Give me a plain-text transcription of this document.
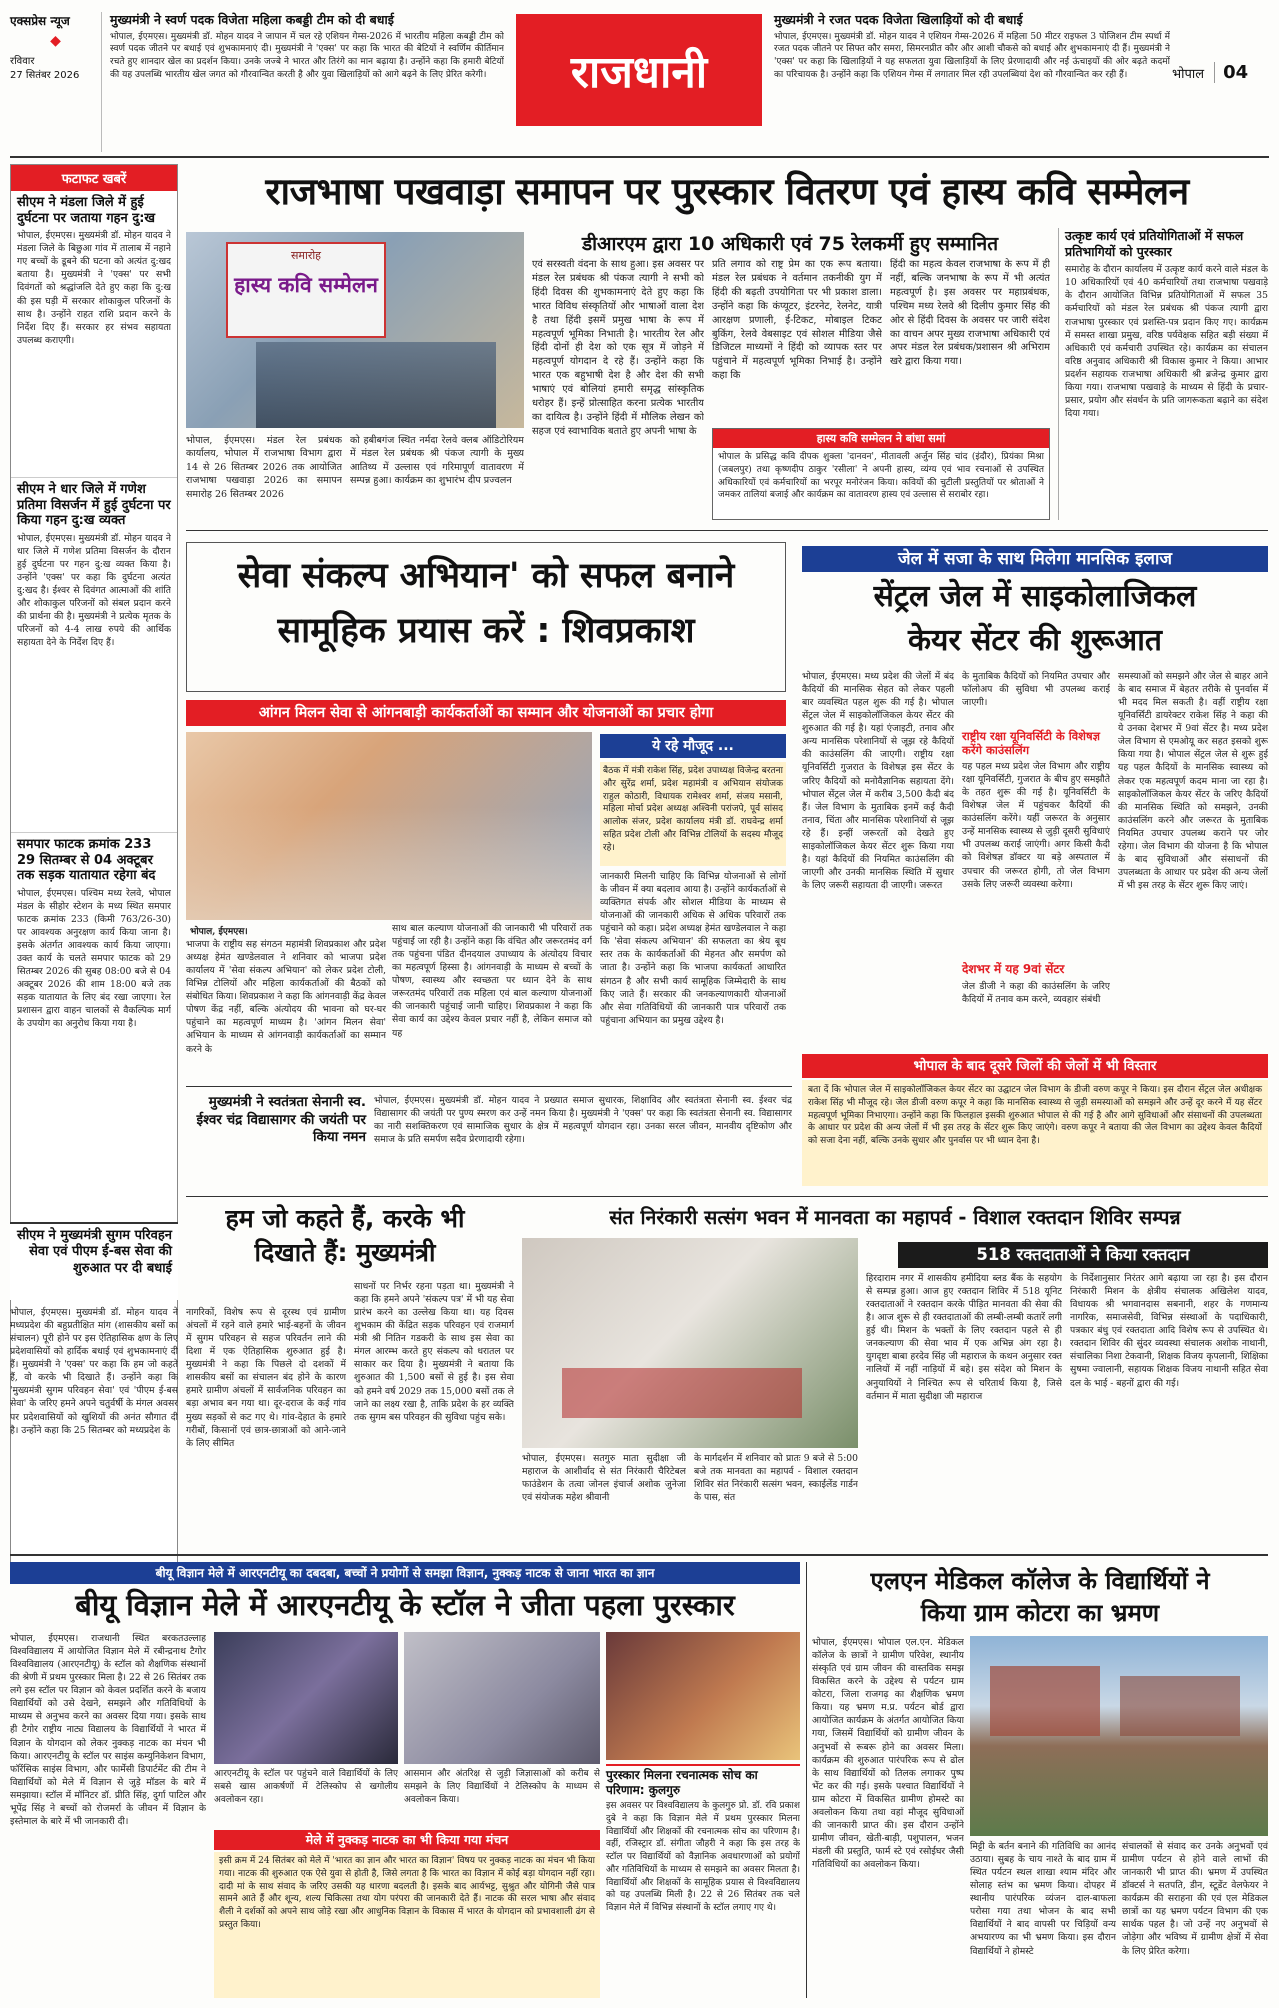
एक्सप्रेस न्यूज
◆
रविवार
27 सितंबर 2026
मुख्यमंत्री ने स्वर्ण पदक विजेता महिला कबड्डी टीम को दी बधाई

भोपाल, ईएमएस। मुख्यमंत्री डॉ. मोहन यादव ने जापान में चल रहे एशियन गेम्स-2026 में भारतीय महिला कबड्डी टीम को स्वर्ण पदक जीतने पर बधाई एवं शुभकामनाएं दी। मुख्यमंत्री ने 'एक्स' पर कहा कि भारत की बेटियों ने स्वर्णिम कीर्तिमान रचते हुए शानदार खेल का प्रदर्शन किया। उनके जज्बे ने भारत और तिरंगे का मान बढ़ाया है। उन्होंने कहा कि हमारी बेटियों की यह उपलब्धि भारतीय खेल जगत को गौरवान्वित करती है और युवा खिलाड़ियों को आगे बढ़ने के लिए प्रेरित करेगी।	राजधानी
मुख्यमंत्री ने रजत पदक विजेता खिलाड़ियों को दी बधाई

भोपाल, ईएमएस। मुख्यमंत्री डॉ. मोहन यादव ने एशियन गेम्स-2026 में महिला 50 मीटर राइफल 3 पोजिशन टीम स्पर्धा में रजत पदक जीतने पर सिफ्त कौर समरा, सिमरनप्रीत कौर और आशी चौकसे को बधाई और शुभकामनाएं दी हैं। मुख्यमंत्री ने 'एक्स' पर कहा कि खिलाड़ियों ने यह सफलता युवा खिलाड़ियों के लिए प्रेरणादायी और नई ऊंचाइयों की ओर बढ़ते कदमों का परिचायक है। उन्होंने कहा कि एशियन गेम्स में लगातार मिल रही उपलब्धियां देश को गौरवान्वित कर रही हैं।	भोपाल	04
फटाफट खबरें
सीएम ने मंडला जिले में हुई दुर्घटना पर जताया गहन दु:ख

भोपाल, ईएमएस। मुख्यमंत्री डॉ. मोहन यादव ने मंडला जिले के बिछुआ गांव में तालाब में नहाने गए बच्चों के डूबने की घटना को अत्यंत दु:खद बताया है। मुख्यमंत्री ने 'एक्स' पर सभी दिवंगतों को श्रद्धांजलि देते हुए कहा कि दु:ख की इस घड़ी में सरकार शोकाकुल परिजनों के साथ है। उन्होंने राहत राशि प्रदान करने के निर्देश दिए हैं। सरकार हर संभव सहायता उपलब्ध कराएगी।

सीएम ने धार जिले में गणेश प्रतिमा विसर्जन में हुई दुर्घटना पर किया गहन दु:ख व्यक्त

भोपाल, ईएमएस। मुख्यमंत्री डॉ. मोहन यादव ने धार जिले में गणेश प्रतिमा विसर्जन के दौरान हुई दुर्घटना पर गहन दु:ख व्यक्त किया है। उन्होंने 'एक्स' पर कहा कि दुर्घटना अत्यंत दु:खद है। ईश्वर से दिवंगत आत्माओं की शांति और शोकाकुल परिजनों को संबल प्रदान करने की प्रार्थना की है। मुख्यमंत्री ने प्रत्येक मृतक के परिजनों को 4-4 लाख रुपये की आर्थिक सहायता देने के निर्देश दिए हैं।

समपार फाटक क्रमांक 233 29 सितम्बर से 04 अक्टूबर तक सड़क यातायात रहेगा बंद

भोपाल, ईएमएस। पश्चिम मध्य रेलवे, भोपाल मंडल के सीहोर स्टेशन के मध्य स्थित समपार फाटक क्रमांक 233 (किमी 763/26-30) पर आवश्यक अनुरक्षण कार्य किया जाना है। इसके अंतर्गत आवश्यक कार्य किया जाएगा। उक्त कार्य के चलते समपार फाटक को 29 सितम्बर 2026 की सुबह 08:00 बजे से 04 अक्टूबर 2026 की शाम 18:00 बजे तक सड़क यातायात के लिए बंद रखा जाएगा। रेल प्रशासन द्वारा वाहन चालकों से वैकल्पिक मार्ग के उपयोग का अनुरोध किया गया है।

सीएम ने मुख्यमंत्री सुगम परिवहन सेवा एवं पीएम ई-बस सेवा की शुरुआत पर दी बधाई
राजभाषा पखवाड़ा समापन पर पुरस्कार वितरण एवं हास्य कवि सम्मेलन
डीआरएम द्वारा 10 अधिकारी एवं 75 रेलकर्मी हुए सम्मानित
समारोह
हास्य कवि सम्मेलन

भोपाल, ईएमएस। मंडल रेल प्रबंधक कार्यालय, भोपाल में राजभाषा विभाग द्वारा 14 से 26 सितम्बर 2026 तक आयोजित राजभाषा पखवाड़ा 2026 का समापन समारोह 26 सितम्बर 2026

को हबीबगंज स्थित नर्मदा रेलवे क्लब ऑडिटोरियम में मंडल रेल प्रबंधक श्री पंकज त्यागी के मुख्य आतिथ्य में उल्लास एवं गरिमापूर्ण वातावरण में सम्पन्न हुआ। कार्यक्रम का शुभारंभ दीप प्रज्वलन

एवं सरस्वती वंदना के साथ हुआ। इस अवसर पर मंडल रेल प्रबंधक श्री पंकज त्यागी ने सभी को हिंदी दिवस की शुभकामनाएं देते हुए कहा कि भारत विविध संस्कृतियों और भाषाओं वाला देश है तथा हिंदी इसमें प्रमुख भाषा के रूप में महत्वपूर्ण भूमिका निभाती है। भारतीय रेल और हिंदी दोनों ही देश को एक सूत्र में जोड़ने में महत्वपूर्ण योगदान दे रहे हैं। उन्होंने कहा कि भारत एक बहुभाषी देश है और देश की सभी भाषाएं एवं बोलियां हमारी समृद्ध सांस्कृतिक धरोहर हैं। इन्हें प्रोत्साहित करना प्रत्येक भारतीय का दायित्व है। उन्होंने हिंदी में मौलिक लेखन को सहज एवं स्वाभाविक बताते हुए अपनी भाषा के

प्रति लगाव को राष्ट्र प्रेम का एक रूप बताया। मंडल रेल प्रबंधक ने वर्तमान तकनीकी युग में हिंदी की बढ़ती उपयोगिता पर भी प्रकाश डाला। उन्होंने कहा कि कंप्यूटर, इंटरनेट, रेलनेट, यात्री आरक्षण प्रणाली, ई-टिकट, मोबाइल टिकट बुकिंग, रेलवे वेबसाइट एवं सोशल मीडिया जैसे डिजिटल माध्यमों ने हिंदी को व्यापक स्तर पर पहुंचाने में महत्वपूर्ण भूमिका निभाई है। उन्होंने कहा कि

हिंदी का महत्व केवल राजभाषा के रूप में ही नहीं, बल्कि जनभाषा के रूप में भी अत्यंत महत्वपूर्ण है। इस अवसर पर महाप्रबंधक, पश्चिम मध्य रेलवे श्री दिलीप कुमार सिंह की ओर से हिंदी दिवस के अवसर पर जारी संदेश का वाचन अपर मुख्य राजभाषा अधिकारी एवं अपर मंडल रेल प्रबंधक/प्रशासन श्री अभिराम खरे द्वारा किया गया।

हास्य कवि सम्मेलन ने बांधा समां

भोपाल के प्रसिद्ध कवि दीपक शुक्ला 'दानवन', मीतावली अर्जुन सिंह चांद (इंदौर), प्रियंका मिश्रा (जबलपुर) तथा कृष्णदीप ठाकुर 'रसीला' ने अपनी हास्य, व्यंग्य एवं भाव रचनाओं से उपस्थित अधिकारियों एवं कर्मचारियों का भरपूर मनोरंजन किया। कवियों की चुटीली प्रस्तुतियों पर श्रोताओं ने जमकर तालियां बजाई और कार्यक्रम का वातावरण हास्य एवं उल्लास से सराबोर रहा।

उत्कृष्ट कार्य एवं प्रतियोगिताओं में सफल प्रतिभागियों को पुरस्कार

समारोह के दौरान कार्यालय में उत्कृष्ट कार्य करने वाले मंडल के 10 अधिकारियों एवं 40 कर्मचारियों तथा राजभाषा पखवाड़े के दौरान आयोजित विभिन्न प्रतियोगिताओं में सफल 35 कर्मचारियों को मंडल रेल प्रबंधक श्री पंकज त्यागी द्वारा राजभाषा पुरस्कार एवं प्रशस्ति-पत्र प्रदान किए गए। कार्यक्रम में समस्त शाखा प्रमुख, वरिष्ठ पर्यवेक्षक सहित बड़ी संख्या में अधिकारी एवं कर्मचारी उपस्थित रहे। कार्यक्रम का संचालन वरिष्ठ अनुवाद अधिकारी श्री विकास कुमार ने किया। आभार प्रदर्शन सहायक राजभाषा अधिकारी श्री ब्रजेन्द्र कुमार द्वारा किया गया। राजभाषा पखवाड़े के माध्यम से हिंदी के प्रचार-प्रसार, प्रयोग और संवर्धन के प्रति जागरूकता बढ़ाने का संदेश दिया गया।

सेवा संकल्प अभियान' को सफल बनाने
सामूहिक प्रयास करें : शिवप्रकाश
आंगन मिलन सेवा से आंगनबाड़ी कार्यकर्ताओं का सम्मान और योजनाओं का प्रचार होगा
ये रहे मौजूद ...

बैठक में मंत्री राकेश सिंह, प्रदेश उपाध्यक्ष विजेन्द्र बरतना और सुरेंद्र शर्मा, प्रदेश महामंत्री व अभियान संयोजक राहुल कोठारी, विधायक रामेश्वर शर्मा, संजय मसानी, महिला मोर्चा प्रदेश अध्यक्ष अश्विनी परांजपे, पूर्व सांसद आलोक संजर, प्रदेश कार्यालय मंत्री डॉ. राघवेन्द्र शर्मा सहित प्रदेश टोली और विभिन्न टोलियों के सदस्य मौजूद रहे।

भोपाल, ईएमएस।

भाजपा के राष्ट्रीय सह संगठन महामंत्री शिवप्रकाश और प्रदेश अध्यक्ष हेमंत खण्डेलवाल ने शनिवार को भाजपा प्रदेश कार्यालय में 'सेवा संकल्प अभियान' को लेकर प्रदेश टोली, विभिन्न टोलियों और महिला कार्यकर्ताओं की बैठकों को संबोधित किया। शिवप्रकाश ने कहा कि आंगनवाड़ी केंद्र केवल पोषण केंद्र नहीं, बल्कि अंत्योदय की भावना को घर-घर पहुंचाने का महत्वपूर्ण माध्यम है। 'आंगन मिलन सेवा' अभियान के माध्यम से आंगनवाड़ी कार्यकर्ताओं का सम्मान करने के

साथ बाल कल्याण योजनाओं की जानकारी भी परिवारों तक पहुंचाई जा रही है। उन्होंने कहा कि वंचित और जरूरतमंद वर्ग तक पहुंचना पंडित दीनदयाल उपाध्याय के अंत्योदय विचार का महत्वपूर्ण हिस्सा है। आंगनवाड़ी के माध्यम से बच्चों के पोषण, स्वास्थ्य और स्वच्छता पर ध्यान देने के साथ जरूरतमंद परिवारों तक महिला एवं बाल कल्याण योजनाओं की जानकारी पहुंचाई जानी चाहिए। शिवप्रकाश ने कहा कि सेवा कार्य का उद्देश्य केवल प्रचार नहीं है, लेकिन समाज को यह

जानकारी मिलनी चाहिए कि विभिन्न योजनाओं से लोगों के जीवन में क्या बदलाव आया है। उन्होंने कार्यकर्ताओं से व्यक्तिगत संपर्क और सोशल मीडिया के माध्यम से योजनाओं की जानकारी अधिक से अधिक परिवारों तक पहुंचाने को कहा। प्रदेश अध्यक्ष हेमंत खण्डेलवाल ने कहा कि 'सेवा संकल्प अभियान' की सफलता का श्रेय बूथ स्तर तक के कार्यकर्ताओं की मेहनत और समर्पण को जाता है। उन्होंने कहा कि भाजपा कार्यकर्ता आधारित संगठन है और सभी कार्य सामूहिक जिम्मेदारी के साथ किए जाते हैं। सरकार की जनकल्याणकारी योजनाओं और सेवा गतिविधियों की जानकारी पात्र परिवारों तक पहुंचाना अभियान का प्रमुख उद्देश्य है।

जेल में सजा के साथ मिलेगा मानसिक इलाज
सेंट्रल जेल में साइकोलाजिकल
केयर सेंटर की शुरूआत

भोपाल, ईएमएस। मध्य प्रदेश की जेलों में बंद कैदियों की मानसिक सेहत को लेकर पहली बार व्यवस्थित पहल शुरू की गई है। भोपाल सेंट्रल जेल में साइकोलॉजिकल केयर सेंटर की शुरुआत की गई है। यहां एंजाइटी, तनाव और अन्य मानसिक परेशानियों से जूझ रहे कैदियों की काउंसलिंग की जाएगी। राष्ट्रीय रक्षा यूनिवर्सिटी गुजरात के विशेषज्ञ इस सेंटर के जरिए कैदियों को मनोवैज्ञानिक सहायता देंगे। भोपाल सेंट्रल जेल में करीब 3,500 कैदी बंद हैं। जेल विभाग के मुताबिक इनमें कई कैदी तनाव, चिंता और मानसिक परेशानियों से जूझ रहे हैं। इन्हीं जरूरतों को देखते हुए साइकोलॉजिकल केयर सेंटर शुरू किया गया है। यहां कैदियों की नियमित काउंसलिंग की जाएगी और उनकी मानसिक स्थिति में सुधार के लिए जरूरी सहायता दी जाएगी। जरूरत

के मुताबिक कैदियों को नियमित उपचार और फॉलोअप की सुविधा भी उपलब्ध कराई जाएगी।

राष्ट्रीय रक्षा यूनिवर्सिटी के विशेषज्ञ करेंगे काउंसलिंग

यह पहल मध्य प्रदेश जेल विभाग और राष्ट्रीय रक्षा यूनिवर्सिटी, गुजरात के बीच हुए समझौते के तहत शुरू की गई है। यूनिवर्सिटी के विशेषज्ञ जेल में पहुंचकर कैदियों की काउंसलिंग करेंगे। यहीं जरूरत के अनुसार उन्हें मानसिक स्वास्थ्य से जुड़ी दूसरी सुविधाएं भी उपलब्ध कराई जाएंगी। अगर किसी कैदी को विशेषज्ञ डॉक्टर या बड़े अस्पताल में उपचार की जरूरत होगी, तो जेल विभाग उसके लिए जरूरी व्यवस्था करेगा।

देशभर में यह 9वां सेंटर

जेल डीजी ने कहा की काउंसलिंग के जरिए कैदियों में तनाव कम करने, व्यवहार संबंधी

समस्याओं को समझने और जेल से बाहर आने के बाद समाज में बेहतर तरीके से पुनर्वास में भी मदद मिल सकती है। वहीं राष्ट्रीय रक्षा यूनिवर्सिटी डायरेक्टर राकेश सिंह ने कहा की ये उनका देशभर में 9वां सेंटर है। मध्य प्रदेश जेल विभाग से एमओयू कर सहत इसको शुरू किया गया है। भोपाल सेंट्रल जेल से शुरू हुई यह पहल कैदियों के मानसिक स्वास्थ्य को लेकर एक महत्वपूर्ण कदम माना जा रहा है। साइकोलॉजिकल केयर सेंटर के जरिए कैदियों की मानसिक स्थिति को समझने, उनकी काउंसलिंग करने और जरूरत के मुताबिक नियमित उपचार उपलब्ध कराने पर जोर रहेगा। जेल विभाग की योजना है कि भोपाल के बाद सुविधाओं और संसाधनों की उपलब्धता के आधार पर प्रदेश की अन्य जेलों में भी इस तरह के सेंटर शुरू किए जाएं।

भोपाल के बाद दूसरे जिलों की जेलों में भी विस्तार

बता दें कि भोपाल जेल में साइकोलॉजिकल केयर सेंटर का उद्घाटन जेल विभाग के डीजी वरुण कपूर ने किया। इस दौरान सेंट्रल जेल अधीक्षक राकेश सिंह भी मौजूद रहे। जेल डीजी वरुण कपूर ने कहा कि मानसिक स्वास्थ्य से जुड़ी समस्याओं को समझने और उन्हें दूर करने में यह सेंटर महत्वपूर्ण भूमिका निभाएगा। उन्होंने कहा कि फिलहाल इसकी शुरुआत भोपाल से की गई है और आगे सुविधाओं और संसाधनों की उपलब्धता के आधार पर प्रदेश की अन्य जेलों में भी इस तरह के सेंटर शुरू किए जाएंगे। वरुण कपूर ने बताया की जेल विभाग का उद्देश्य केवल कैदियों को सजा देना नहीं, बल्कि उनके सुधार और पुनर्वास पर भी ध्यान देना है।

मुख्यमंत्री ने स्वतंत्रता सेनानी स्व. ईश्वर चंद्र विद्यासागर की जयंती पर किया नमन

भोपाल, ईएमएस। मुख्यमंत्री डॉ. मोहन यादव ने प्रख्यात समाज सुधारक, शिक्षाविद और स्वतंत्रता सेनानी स्व. ईश्वर चंद्र विद्यासागर की जयंती पर पुण्य स्मरण कर उन्हें नमन किया है। मुख्यमंत्री ने 'एक्स' पर कहा कि स्वतंत्रता सेनानी स्व. विद्यासागर का नारी सशक्तिकरण एवं सामाजिक सुधार के क्षेत्र में महत्वपूर्ण योगदान रहा। उनका सरल जीवन, मानवीय दृष्टिकोण और समाज के प्रति समर्पण सदैव प्रेरणादायी रहेगा।

हम जो कहते हैं, करके भी
दिखाते हैं: मुख्यमंत्री

भोपाल, ईएमएस। मुख्यमंत्री डॉ. मोहन यादव ने मध्यप्रदेश की बहुप्रतीक्षित मांग (शासकीय बसों का संचालन) पूरी होने पर इस ऐतिहासिक क्षण के लिए प्रदेशवासियों को हार्दिक बधाई एवं शुभकामनाएं दी हैं। मुख्यमंत्री ने 'एक्स' पर कहा कि हम जो कहते हैं, वो करके भी दिखाते हैं। उन्होंने कहा कि 'मुख्यमंत्री सुगम परिवहन सेवा' एवं 'पीएम ई-बस सेवा' के जरिए हमने अपने चतुर्वर्षी के मंगल अवसर पर प्रदेशवासियों को खुशियों की अनंत सौगात दी है। उन्होंने कहा कि 25 सितम्बर को मध्यप्रदेश के

नागरिकों, विशेष रूप से दूरस्थ एवं ग्रामीण अंचलों में रहने वाले हमारे भाई-बहनों के जीवन में सुगम परिवहन से सहज परिवर्तन लाने की दिशा में एक ऐतिहासिक शुरुआत हुई है। मुख्यमंत्री ने कहा कि पिछले दो दशकों में शासकीय बसों का संचालन बंद होने के कारण हमारे ग्रामीण अंचलों में सार्वजनिक परिवहन का बड़ा अभाव बन गया था। दूर-दराज के कई गांव मुख्य सड़कों से कट गए थे। गांव-देहात के हमारे गरीबों, किसानों एवं छात्र-छात्राओं को आने-जाने के लिए सीमित

साधनों पर निर्भर रहना पड़ता था। मुख्यमंत्री ने कहा कि हमने अपने 'संकल्प पत्र' में भी यह सेवा प्रारंभ करने का उल्लेख किया था। यह दिवस शुभकाम की केंद्रित सड़क परिवहन एवं राजमार्ग मंत्री श्री नितिन गडकरी के साथ इस सेवा का मंगल आरम्भ करते हुए संकल्प को धरातल पर साकार कर दिया है। मुख्यमंत्री ने बताया कि शुरुआत की 1,500 बसों से हुई है। इस सेवा को हमने वर्ष 2029 तक 15,000 बसों तक ले जाने का लक्ष्य रखा है, ताकि प्रदेश के हर व्यक्ति तक सुगम बस परिवहन की सुविधा पहुंच सके।

संत निरंकारी सत्संग भवन में मानवता का महापर्व - विशाल रक्तदान शिविर सम्पन्न
518 रक्तदाताओं ने किया रक्तदान

भोपाल, ईएमएस। सतगुरु माता सुदीक्षा जी महाराज के आशीर्वाद से संत निरंकारी चैरिटेबल फाउंडेशन के तत्वा जोनल इंचार्ज अशोक जुनेजा एवं संयोजक महेश श्रीवानी

के मार्गदर्शन में शनिवार को प्रातः 9 बजे से 5:00 बजे तक मानवता का महापर्व - विशाल रक्तदान शिविर संत निरंकारी सत्संग भवन, स्काईलेंड गार्डन के पास, संत

हिरदाराम नगर में शासकीय हमीदिया ब्लड बैंक के सहयोग से सम्पन्न हुआ। आज हुए रक्तदान शिविर में 518 यूनिट रक्तदाताओं ने रक्तदान करके पीड़ित मानवता की सेवा की है। आज शुरू से ही रक्तदाताओं की लम्बी-लम्बी कतारें लगी हुई थी। मिशन के भक्तों के लिए रक्तदान पहले से ही जनकल्याण की सेवा भाव में एक अभिन्न अंग रहा है। युगदृष्टा बाबा हरदेव सिंह जी महाराज के कथन अनुसार रक्त नालियों में नहीं नाड़ियों में बहे। इस संदेश को मिशन के अनुयायियों ने निश्चित रूप से चरितार्थ किया है, जिसे वर्तमान में माता सुदीक्षा जी महाराज

के निर्देशानुसार निरंतर आगे बढ़ाया जा रहा है। इस दौरान निरंकारी मिशन के क्षेत्रीय संचालक अखिलेश यादव, विधायक श्री भगवानदास सबनानी, शहर के गणमान्य नागरिक, समाजसेवी, विभिन्न संस्थाओं के पदाधिकारी, पत्रकार बंधु एवं रक्तदाता आदि विशेष रूप से उपस्थित थे। रक्तदान शिविर की सुंदर व्यवस्था संचालक अशोक नाथानी, संचालिका निशा टेकवानी, शिक्षक विजय कृपलानी, शिक्षिका सुषमा ज्वालानी, सहायक शिक्षक विजय नाथानी सहित सेवा दल के भाई - बहनों द्वारा की गई।

बीयू विज्ञान मेले में आरएनटीयू का दबदबा, बच्चों ने प्रयोगों से समझा विज्ञान, नुक्कड़ नाटक से जाना भारत का ज्ञान
बीयू विज्ञान मेले में आरएनटीयू के स्टॉल ने जीता पहला पुरस्कार

भोपाल, ईएमएस। राजधानी स्थित बरकतउल्लाह विश्वविद्यालय में आयोजित विज्ञान मेले में रबीन्द्रनाथ टैगोर विश्वविद्यालय (आरएनटीयू) के स्टॉल को शैक्षणिक संस्थानों की श्रेणी में प्रथम पुरस्कार मिला है। 22 से 26 सितंबर तक लगे इस स्टॉल पर विज्ञान को केवल प्रदर्शित करने के बजाय विद्यार्थियों को उसे देखने, समझने और गतिविधियों के माध्यम से अनुभव करने का अवसर दिया गया। इसके साथ ही टैगोर राष्ट्रीय नाट्य विद्यालय के विद्यार्थियों ने भारत में विज्ञान के योगदान को लेकर नुक्कड़ नाटक का मंचन भी किया। आरएनटीयू के स्टॉल पर साइंस कम्युनिकेशन विभाग, फॉरेंसिक साइंस विभाग, और फार्मेसी डिपार्टमेंट की टीम ने विद्यार्थियों को मेले में विज्ञान से जुड़े मॉडल के बारे में समझाया। स्टॉल में मॉनिटर डॉ. प्रीति सिंह, दुर्गा पाटिल और भूपेंद्र सिंह ने बच्चों को रोजमर्रा के जीवन में विज्ञान के इस्तेमाल के बारे में भी जानकारी दी।

आरएनटीयू के स्टॉल पर पहुंचने वाले विद्यार्थियों के लिए सबसे खास आकर्षणों में टेलिस्कोप से खगोलीय अवलोकन रहा।

आसमान और अंतरिक्ष से जुड़ी जिज्ञासाओं को करीब से समझने के लिए विद्यार्थियों ने टेलिस्कोप के माध्यम से अवलोकन किया।

मेले में नुक्कड़ नाटक का भी किया गया मंचन

इसी क्रम में 24 सितंबर को मेले में 'भारत का ज्ञान और भारत का विज्ञान' विषय पर नुक्कड़ नाटक का मंचन भी किया गया। नाटक की शुरुआत एक ऐसे युवा से होती है, जिसे लगता है कि भारत का विज्ञान में कोई बड़ा योगदान नहीं रहा। दादी मां के साथ संवाद के जरिए उसकी यह धारणा बदलती है। इसके बाद आर्यभट्ट, सुश्रुत और योगिनी जैसे पात्र सामने आते हैं और शून्य, शल्य चिकित्सा तथा योग परंपरा की जानकारी देते हैं। नाटक की सरल भाषा और संवाद शैली ने दर्शकों को अपने साथ जोड़े रखा और आधुनिक विज्ञान के विकास में भारत के योगदान को प्रभावशाली ढंग से प्रस्तुत किया।

पुरस्कार मिलना रचनात्मक सोच का परिणाम: कुलगुरु

इस अवसर पर विश्वविद्यालय के कुलगुरु प्रो. डॉ. रवि प्रकाश दुबे ने कहा कि विज्ञान मेले में प्रथम पुरस्कार मिलना विद्यार्थियों और शिक्षकों की रचनात्मक सोच का परिणाम है। वहीं, रजिस्ट्रार डॉ. संगीता जौहरी ने कहा कि इस तरह के स्टॉल पर विद्यार्थियों को वैज्ञानिक अवधारणाओं को प्रयोगों और गतिविधियों के माध्यम से समझने का अवसर मिलता है। विद्यार्थियों और शिक्षकों के सामूहिक प्रयास से विश्वविद्यालय को यह उपलब्धि मिली है। 22 से 26 सितंबर तक चले विज्ञान मेले में विभिन्न संस्थानों के स्टॉल लगाए गए थे।

एलएन मेडिकल कॉलेज के विद्यार्थियों ने
किया ग्राम कोटरा का भ्रमण

भोपाल, ईएमएस। भोपाल एल.एन. मेडिकल कॉलेज के छात्रों ने ग्रामीण परिवेश, स्थानीय संस्कृति एवं ग्राम जीवन की वास्तविक समझ विकसित करने के उद्देश्य से पर्यटन ग्राम कोटरा, जिला राजगढ़ का शैक्षणिक भ्रमण किया। यह भ्रमण म.प्र. पर्यटन बोर्ड द्वारा आयोजित कार्यक्रम के अंतर्गत आयोजित किया गया, जिसमें विद्यार्थियों को ग्रामीण जीवन के अनुभवों से रूबरू होने का अवसर मिला। कार्यक्रम की शुरुआत पारंपरिक रूप से ढोल के साथ विद्यार्थियों को तिलक लगाकर पुष्प भेंट कर की गई। इसके पश्चात विद्यार्थियों ने ग्राम कोटरा में विकसित ग्रामीण होमस्टे का अवलोकन किया तथा वहां मौजूद सुविधाओं की जानकारी प्राप्त की। इस दौरान उन्होंने ग्रामीण जीवन, खेती-बाड़ी, पशुपालन, भजन मंडली की प्रस्तुति, फार्म स्टे एवं रसोईघर जैसी गतिविधियों का अवलोकन किया।

मिट्टी के बर्तन बनाने की गतिविधि का आनंद उठाया। सुबह के चाय नाश्ते के बाद ग्राम में स्थित पर्यटन स्थल शाखा श्याम मंदिर और सोलाह स्तंभ का भ्रमण किया। दोपहर में स्थानीय पारंपरिक व्यंजन दाल-बाफला परोसा गया तथा भोजन के बाद सभी विद्यार्थियों ने बाद वापसी पर चिड़ियों वन्य अभयारण्य का भी भ्रमण किया। इस दौरान विद्यार्थियों ने होमस्टे

संचालकों से संवाद कर उनके अनुभवों एवं ग्रामीण पर्यटन से होने वाले लाभों की जानकारी भी प्राप्त की। भ्रमण में उपस्थित डॉक्टर्स ने सतपति, डीन, स्टूडेंट वेलफेयर ने कार्यक्रम की सराहना की एवं एल मेडिकल छात्रों का यह भ्रमण पर्यटन विभाग की एक सार्थक पहल है। जो उन्हें नए अनुभवों से जोड़ेगा और भविष्य में ग्रामीण क्षेत्रों में सेवा के लिए प्रेरित करेगा।
